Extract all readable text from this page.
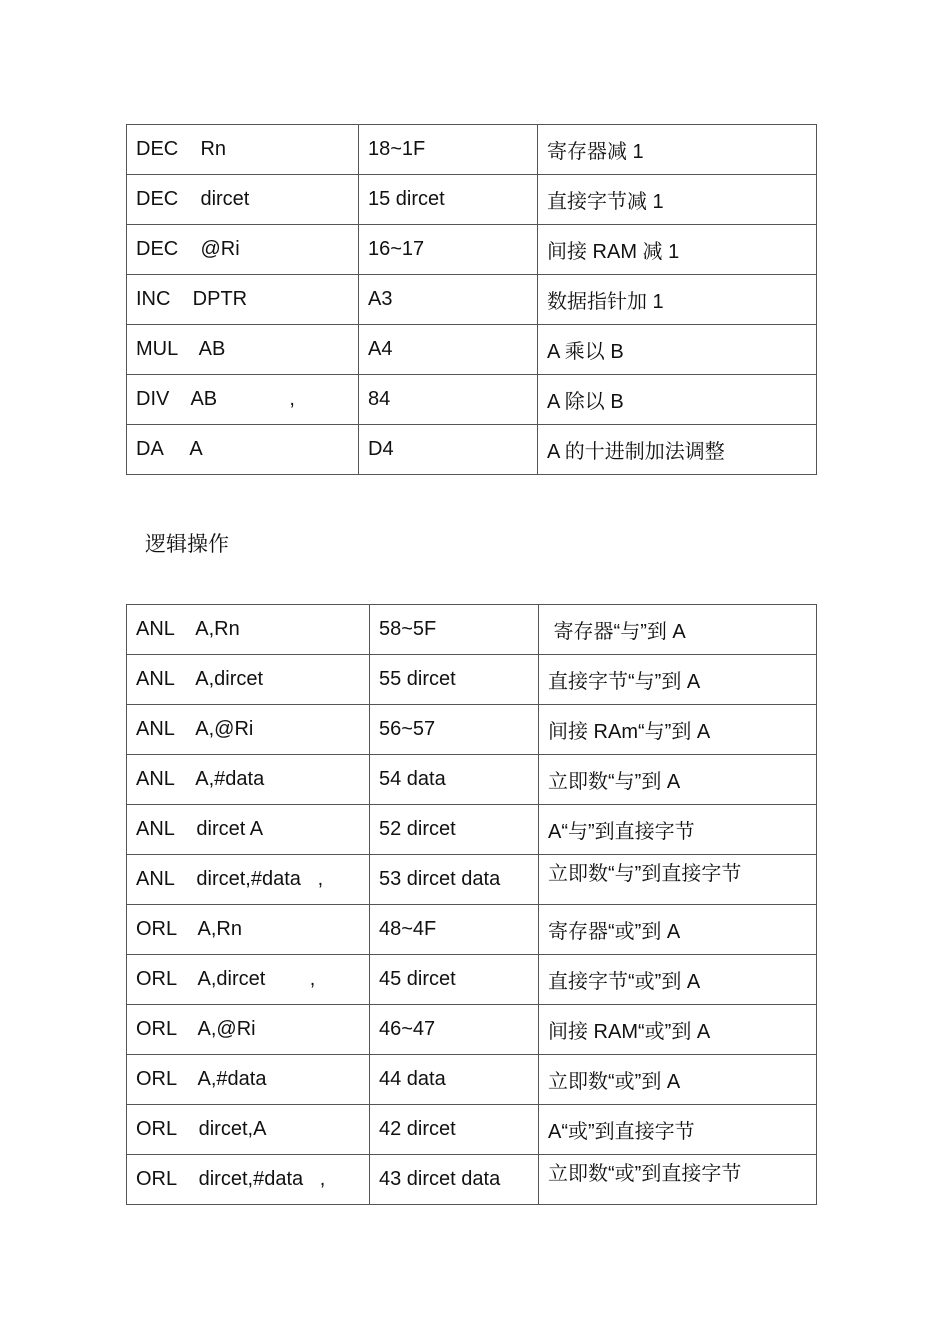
DEC    Rn	18~1F	寄存器减 1
DEC    dircet	15 dircet	直接字节减 1
DEC    @Ri	16~17	间接 RAM 减 1
INC    DPTR	A3	数据指针加 1
MUL    AB	A4	A 乘以 B
DIV    AB             ,	84	A 除以 B
DA     A	D4	A 的十进制加法调整
逻辑操作
ANL    A,Rn	58~5F	寄存器“与”到 A
ANL    A,dircet	55 dircet	直接字节“与”到 A
ANL    A,@Ri	56~57	间接 RAm“与”到 A
ANL    A,#data	54 data	立即数“与”到 A
ANL    dircet A	52 dircet	A“与”到直接字节
ANL    dircet,#data   ,	53 dircet data	立即数“与”到直接字节
ORL    A,Rn	48~4F	寄存器“或”到 A
ORL    A,dircet        ,	45 dircet	直接字节“或”到 A
ORL    A,@Ri	46~47	间接 RAM“或”到 A
ORL    A,#data	44 data	立即数“或”到 A
ORL    dircet,A	42 dircet	A“或”到直接字节
ORL    dircet,#data   ,	43 dircet data	立即数“或”到直接字节
